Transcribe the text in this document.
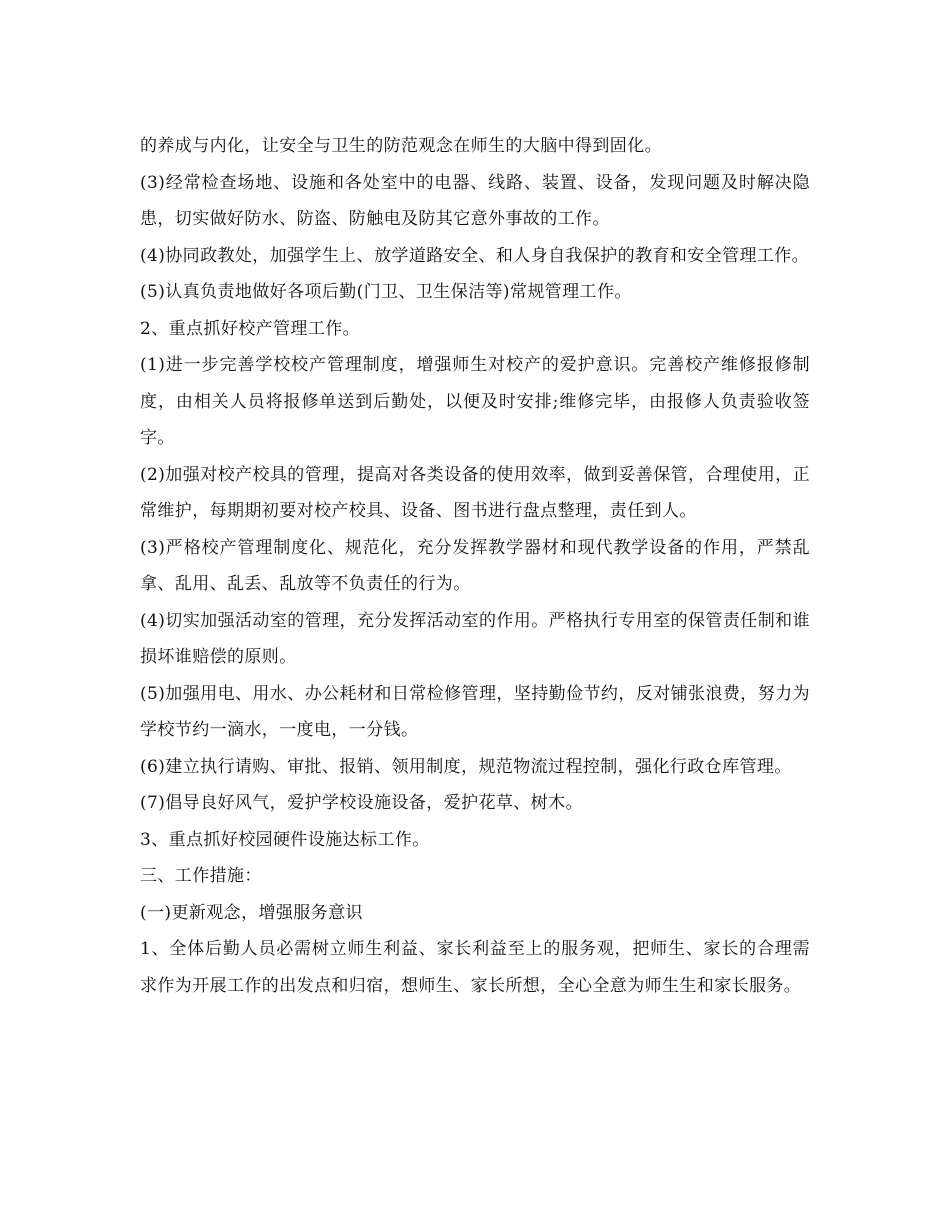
的养成与内化，让安全与卫生的防范观念在师生的大脑中得到固化。

(3)经常检查场地、设施和各处室中的电器、线路、装置、设备，发现问题及时解决隐患，切实做好防水、防盗、防触电及防其它意外事故的工作。

(4)协同政教处，加强学生上、放学道路安全、和人身自我保护的教育和安全管理工作。

(5)认真负责地做好各项后勤(门卫、卫生保洁等)常规管理工作。

2、重点抓好校产管理工作。

(1)进一步完善学校校产管理制度，增强师生对校产的爱护意识。完善校产维修报修制度，由相关人员将报修单送到后勤处，以便及时安排;维修完毕，由报修人负责验收签字。

(2)加强对校产校具的管理，提高对各类设备的使用效率，做到妥善保管，合理使用，正常维护，每期期初要对校产校具、设备、图书进行盘点整理，责任到人。

(3)严格校产管理制度化、规范化，充分发挥教学器材和现代教学设备的作用，严禁乱拿、乱用、乱丢、乱放等不负责任的行为。

(4)切实加强活动室的管理，充分发挥活动室的作用。严格执行专用室的保管责任制和谁损坏谁赔偿的原则。

(5)加强用电、用水、办公耗材和日常检修管理，坚持勤俭节约，反对铺张浪费，努力为学校节约一滴水，一度电，一分钱。

(6)建立执行请购、审批、报销、领用制度，规范物流过程控制，强化行政仓库管理。

(7)倡导良好风气，爱护学校设施设备，爱护花草、树木。

3、重点抓好校园硬件设施达标工作。

三、工作措施：

(一)更新观念，增强服务意识

1、全体后勤人员必需树立师生利益、家长利益至上的服务观，把师生、家长的合理需求作为开展工作的出发点和归宿，想师生、家长所想，全心全意为师生生和家长服务。
